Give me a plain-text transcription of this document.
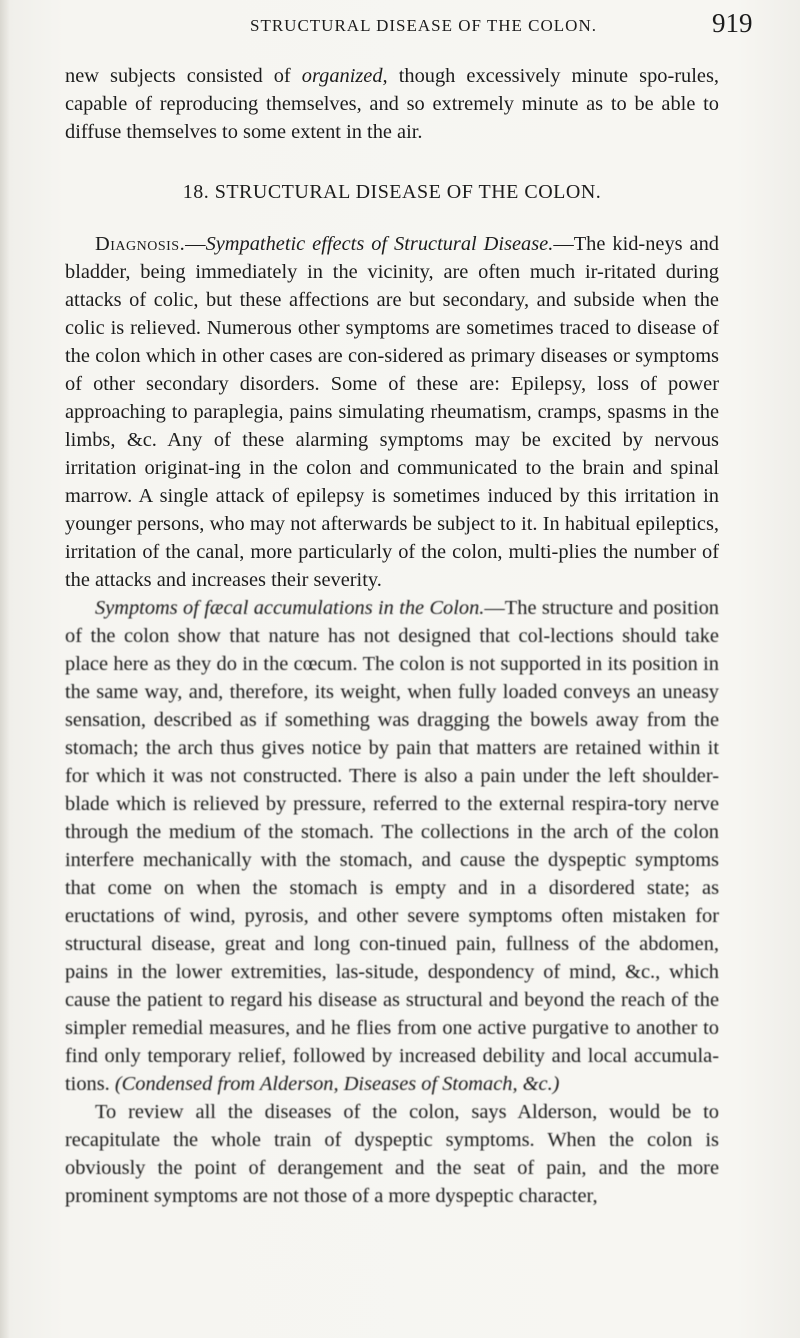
STRUCTURAL DISEASE OF THE COLON.	919

new subjects consisted of organized, though excessively minute spo-rules, capable of reproducing themselves, and so extremely minute as to be able to diffuse themselves to some extent in the air.

18. STRUCTURAL DISEASE OF THE COLON.

Diagnosis.—Sympathetic effects of Structural Disease.—The kid-neys and bladder, being immediately in the vicinity, are often much ir-ritated during attacks of colic, but these affections are but secondary, and subside when the colic is relieved. Numerous other symptoms are sometimes traced to disease of the colon which in other cases are con-sidered as primary diseases or symptoms of other secondary disorders. Some of these are: Epilepsy, loss of power approaching to paraplegia, pains simulating rheumatism, cramps, spasms in the limbs, &c. Any of these alarming symptoms may be excited by nervous irritation originat-ing in the colon and communicated to the brain and spinal marrow. A single attack of epilepsy is sometimes induced by this irritation in younger persons, who may not afterwards be subject to it. In habitual epileptics, irritation of the canal, more particularly of the colon, multi-plies the number of the attacks and increases their severity.

Symptoms of fæcal accumulations in the Colon.—The structure and position of the colon show that nature has not designed that col-lections should take place here as they do in the cœcum. The colon is not supported in its position in the same way, and, therefore, its weight, when fully loaded conveys an uneasy sensation, described as if something was dragging the bowels away from the stomach; the arch thus gives notice by pain that matters are retained within it for which it was not constructed. There is also a pain under the left shoulder-blade which is relieved by pressure, referred to the external respira-tory nerve through the medium of the stomach. The collections in the arch of the colon interfere mechanically with the stomach, and cause the dyspeptic symptoms that come on when the stomach is empty and in a disordered state; as eructations of wind, pyrosis, and other severe symptoms often mistaken for structural disease, great and long con-tinued pain, fullness of the abdomen, pains in the lower extremities, las-situde, despondency of mind, &c., which cause the patient to regard his disease as structural and beyond the reach of the simpler remedial measures, and he flies from one active purgative to another to find only temporary relief, followed by increased debility and local accumula-tions. (Condensed from Alderson, Diseases of Stomach, &c.)

To review all the diseases of the colon, says Alderson, would be to recapitulate the whole train of dyspeptic symptoms. When the colon is obviously the point of derangement and the seat of pain, and the more prominent symptoms are not those of a more dyspeptic character,
